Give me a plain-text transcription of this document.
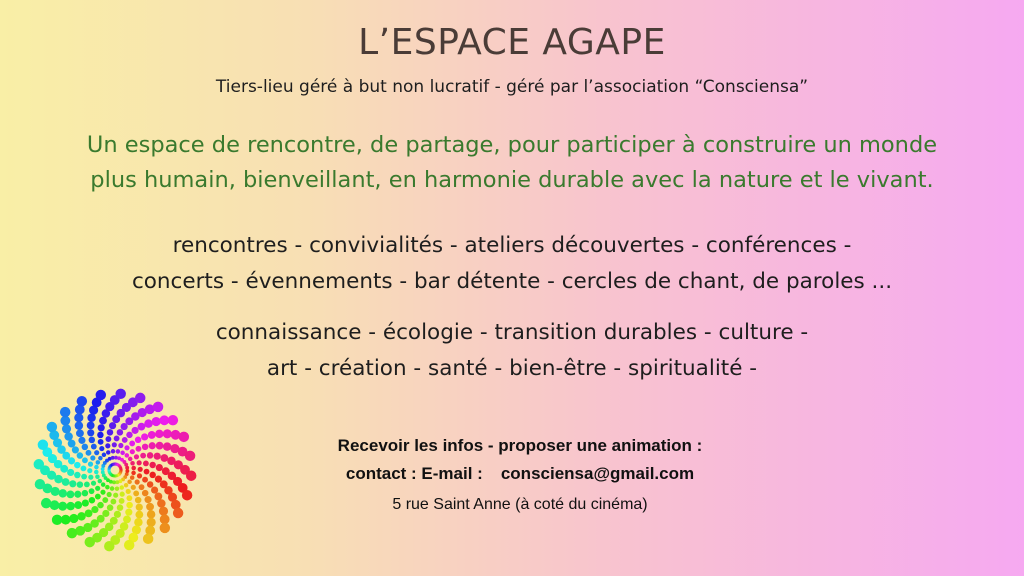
L’ESPACE AGAPE

Tiers-lieu géré à but non lucratif - géré par l’association “Consciensa”

Un espace de rencontre, de partage, pour participer à construire un monde
plus humain, bienveillant, en harmonie durable avec la nature et le vivant.

rencontres - convivialités - ateliers découvertes - conférences -
concerts - évennements - bar détente - cercles de chant, de paroles ...

connaissance - écologie - transition durables - culture -
art - création - santé - bien-être - spiritualité -

Recevoir les infos - proposer une animation :
contact : E-mail : consciensa@gmail.com
5 rue Saint Anne (à coté du cinéma)
